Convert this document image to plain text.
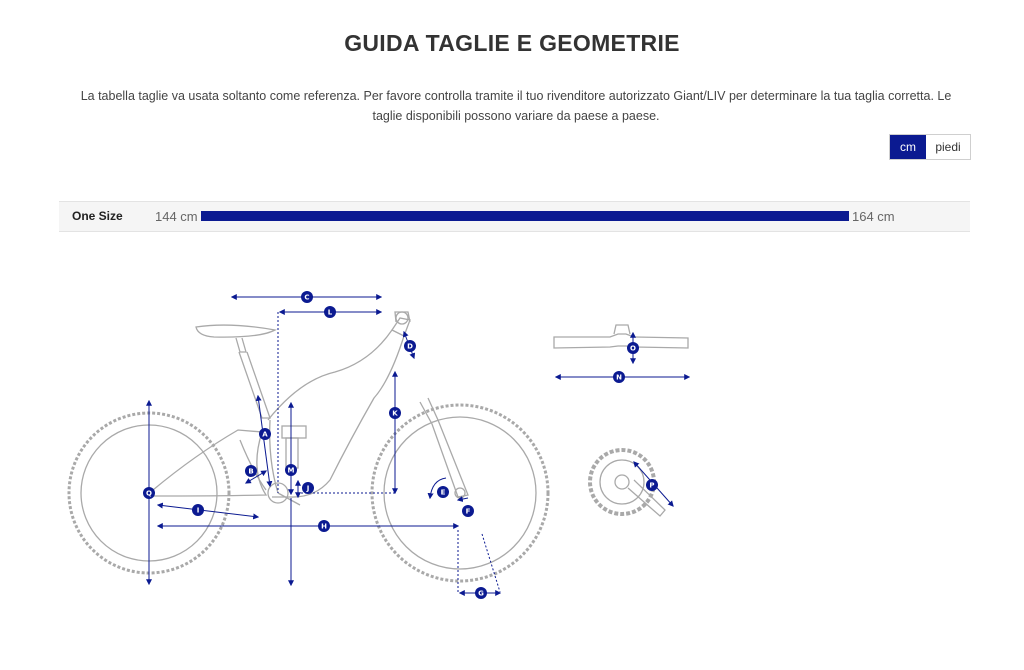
GUIDA TAGLIE E GEOMETRIE
La tabella taglie va usata soltanto come referenza. Per favore controlla tramite il tuo rivenditore autorizzato Giant/LIV per determinare la tua taglia corretta. Le taglie disponibili possono variare da paese a paese.
cm	piedi
One Size 144 cm	164 cm
A
B
C
D
E
F
G
H
I
J
K
L
M
N
O
P
Q
